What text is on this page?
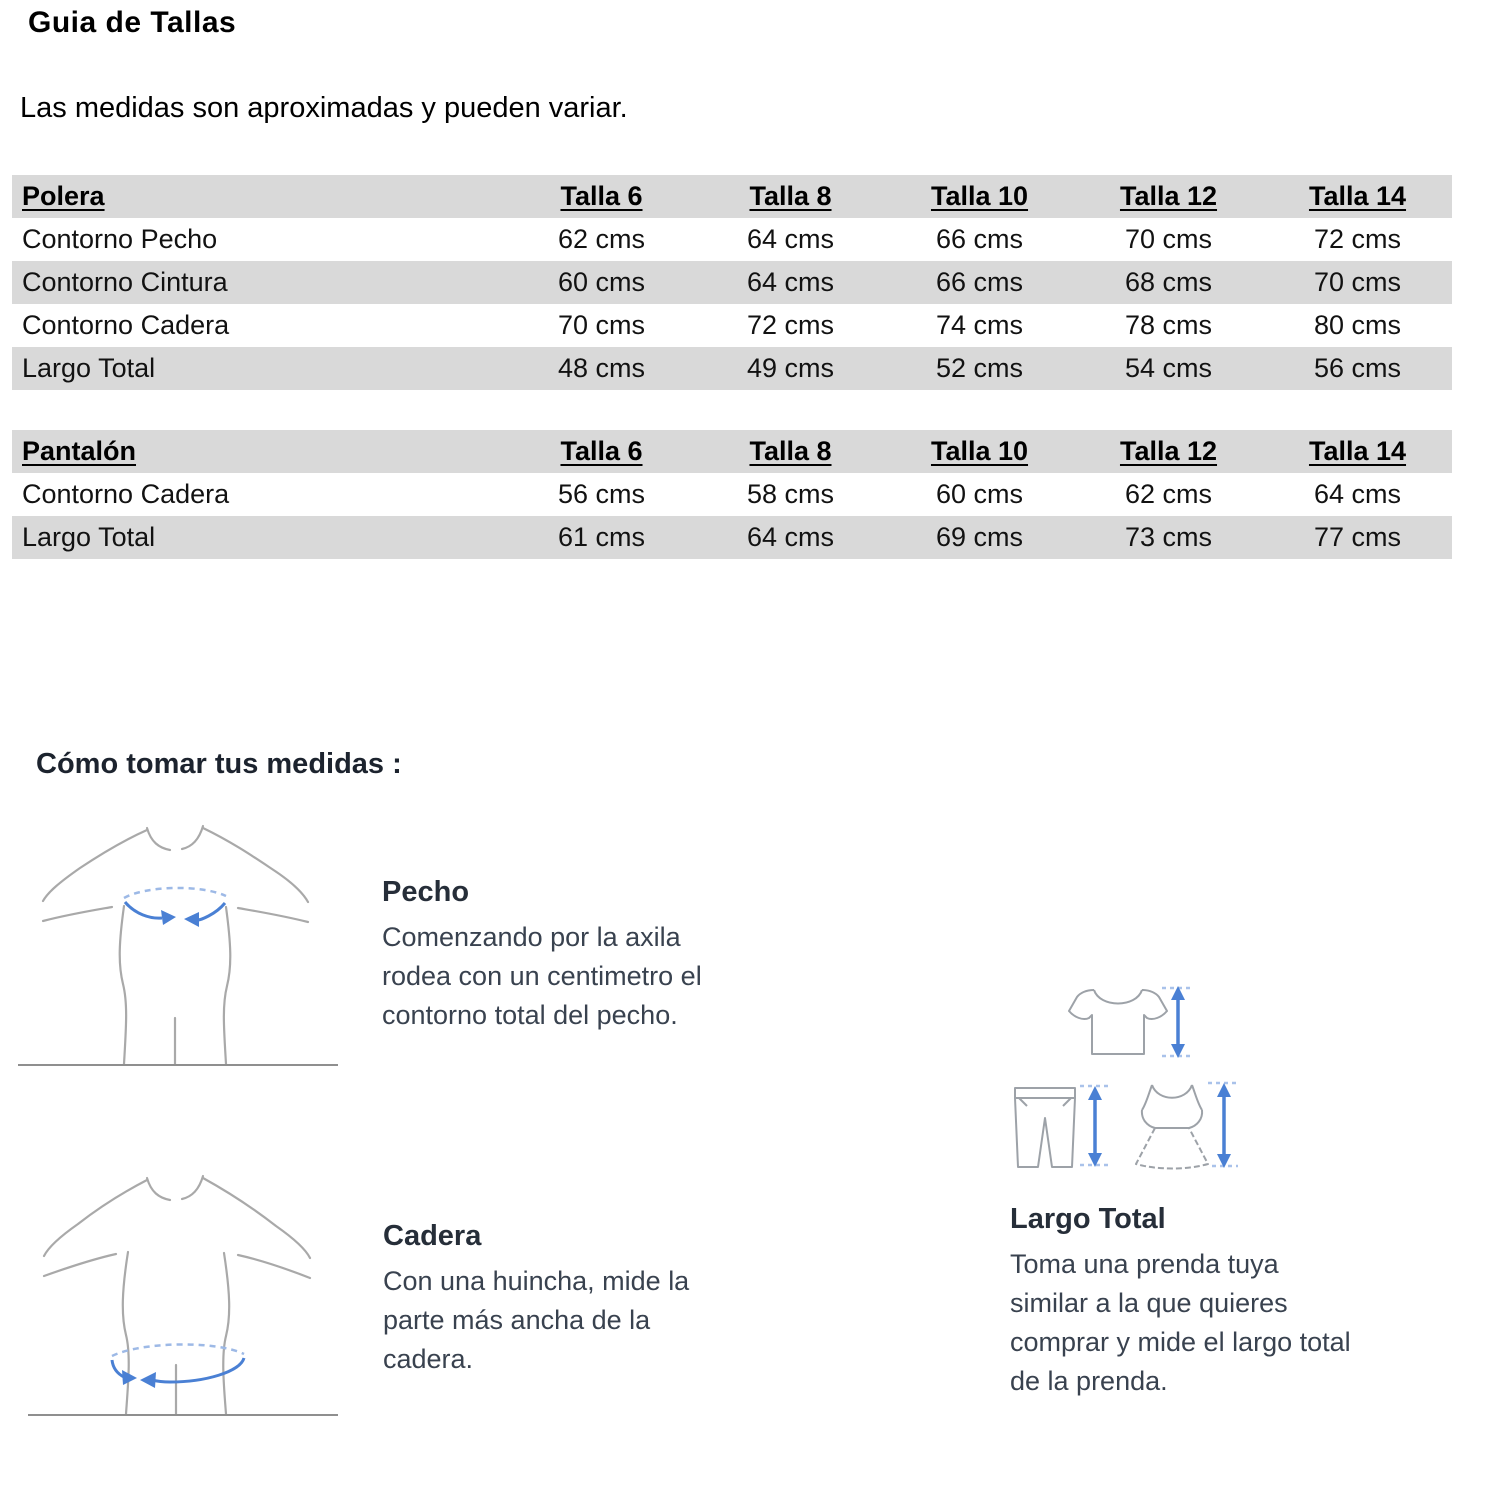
Guia de Tallas
Las medidas son aproximadas y pueden variar.
Polera	Talla 6	Talla 8	Talla 10	Talla 12	Talla 14
Contorno Pecho	62 cms	64 cms	66 cms	70 cms	72 cms
Contorno Cintura	60 cms	64 cms	66 cms	68 cms	70 cms
Contorno Cadera	70 cms	72 cms	74 cms	78 cms	80 cms
Largo Total	48 cms	49 cms	52 cms	54 cms	56 cms
Pantalón	Talla 6	Talla 8	Talla 10	Talla 12	Talla 14
Contorno Cadera	56 cms	58 cms	60 cms	62 cms	64 cms
Largo Total	61 cms	64 cms	69 cms	73 cms	77 cms
Cómo tomar tus medidas :
Pecho

Comenzando por la axila
rodea con un centimetro el
contorno total del pecho.

Cadera

Con una huincha, mide la
parte más ancha de la
cadera.

Largo Total

Toma una prenda tuya
similar a la que quieres
comprar y mide el largo total
de la prenda.
